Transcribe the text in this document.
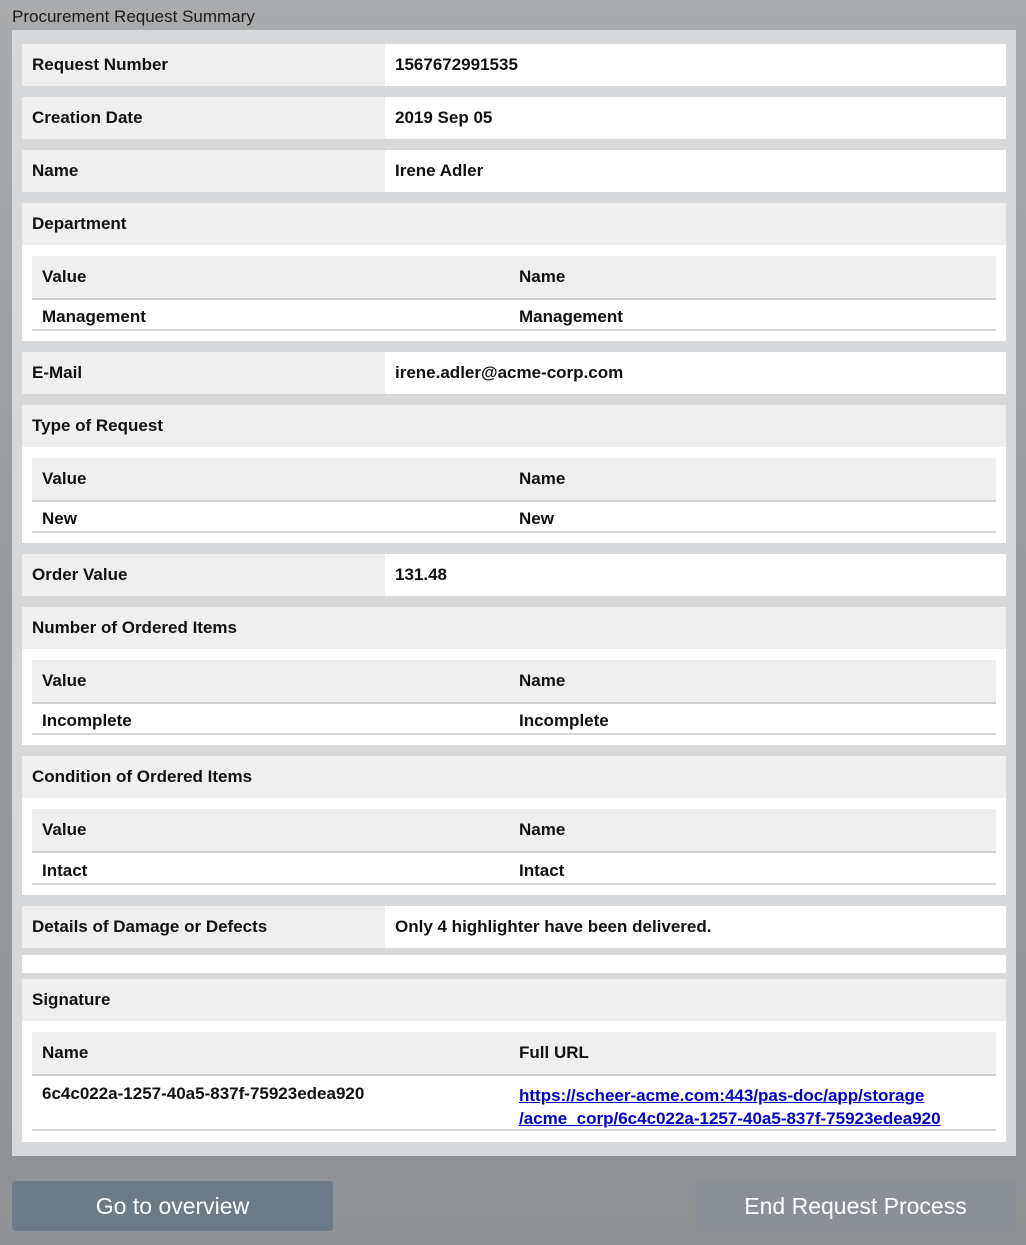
Procurement Request Summary
Request Number	1567672991535
Creation Date	2019 Sep 05
Name	Irene Adler
Department
Value	Name
Management	Management
E-Mail	irene.adler@acme-corp.com
Type of Request
Value	Name
New	New
Order Value	131.48
Number of Ordered Items
Value	Name
Incomplete	Incomplete
Condition of Ordered Items
Value	Name
Intact	Intact
Details of Damage or Defects	Only 4 highlighter have been delivered.
Signature
Name	Full URL
6c4c022a-1257-40a5-837f-75923edea920	https://scheer-acme.com:443/pas-doc/app/storage
/acme_corp/6c4c022a-1257-40a5-837f-75923edea920
Go to overview	End Request Process
